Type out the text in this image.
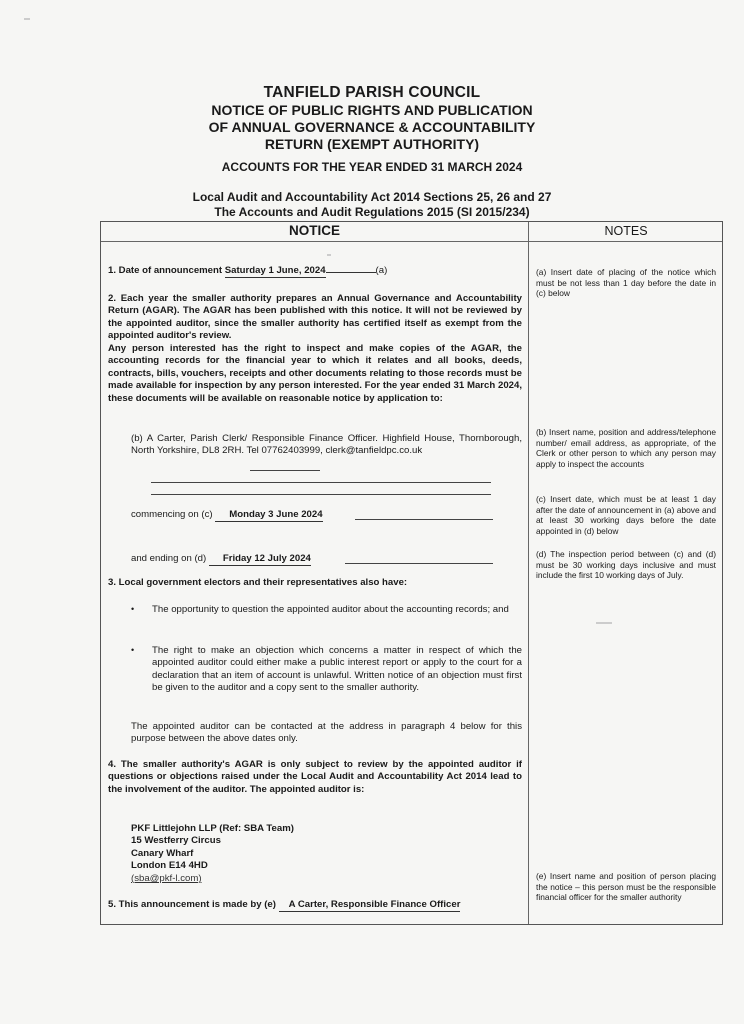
TANFIELD PARISH COUNCIL
NOTICE OF PUBLIC RIGHTS AND PUBLICATION OF ANNUAL GOVERNANCE & ACCOUNTABILITY RETURN (EXEMPT AUTHORITY)
ACCOUNTS FOR THE YEAR ENDED 31 MARCH 2024
Local Audit and Accountability Act 2014 Sections 25, 26 and 27
The Accounts and Audit Regulations 2015 (SI 2015/234)
NOTICE	NOTES
1. Date of announcement Saturday 1 June, 2024	(a)
2. Each year the smaller authority prepares an Annual Governance and Accountability Return (AGAR). The AGAR has been published with this notice. It will not be reviewed by the appointed auditor, since the smaller authority has certified itself as exempt from the appointed auditor's review.
Any person interested has the right to inspect and make copies of the AGAR, the accounting records for the financial year to which it relates and all books, deeds, contracts, bills, vouchers, receipts and other documents relating to those records must be made available for inspection by any person interested. For the year ended 31 March 2024, these documents will be available on reasonable notice by application to:
(b) A Carter, Parish Clerk/ Responsible Finance Officer. Highfield House, Thornborough, North Yorkshire, DL8 2RH. Tel 07762403999, clerk@tanfieldpc.co.uk
commencing on (c) Monday 3 June 2024
and ending on (d) Friday 12 July 2024
3. Local government electors and their representatives also have:
• The opportunity to question the appointed auditor about the accounting records; and
• The right to make an objection which concerns a matter in respect of which the appointed auditor could either make a public interest report or apply to the court for a declaration that an item of account is unlawful. Written notice of an objection must first be given to the auditor and a copy sent to the smaller authority.
The appointed auditor can be contacted at the address in paragraph 4 below for this purpose between the above dates only.
4. The smaller authority's AGAR is only subject to review by the appointed auditor if questions or objections raised under the Local Audit and Accountability Act 2014 lead to the involvement of the auditor. The appointed auditor is:
PKF Littlejohn LLP (Ref: SBA Team)
15 Westferry Circus
Canary Wharf
London E14 4HD
(sba@pkf-l.com)
5. This announcement is made by (e) A Carter, Responsible Finance Officer
(a) Insert date of placing of the notice which must be not less than 1 day before the date in (c) below
(b) Insert name, position and address/telephone number/ email address, as appropriate, of the Clerk or other person to which any person may apply to inspect the accounts
(c) Insert date, which must be at least 1 day after the date of announcement in (a) above and at least 30 working days before the date appointed in (d) below
(d) The inspection period between (c) and (d) must be 30 working days inclusive and must include the first 10 working days of July.
(e) Insert name and position of person placing the notice – this person must be the responsible financial officer for the smaller authority
